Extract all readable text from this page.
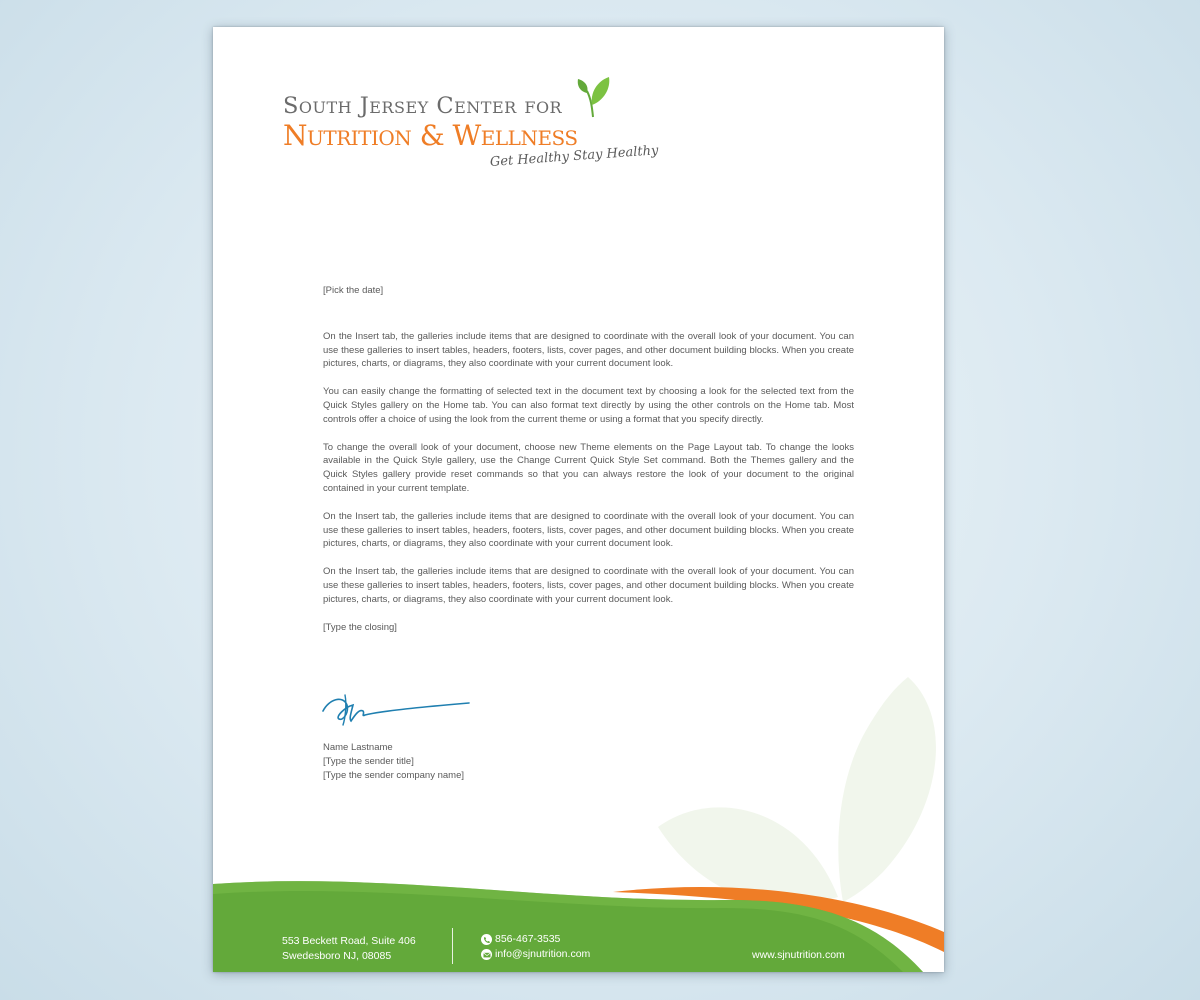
South Jersey Center for
Nutrition & Wellness
Get Healthy Stay Healthy

[Pick the date]

On the Insert tab, the galleries include items that are designed to coordinate with the overall look of your document. You can use these galleries to insert tables, headers, footers, lists, cover pages, and other document building blocks. When you create pictures, charts, or diagrams, they also coordinate with your current document look.

You can easily change the formatting of selected text in the document text by choosing a look for the selected text from the Quick Styles gallery on the Home tab. You can also format text directly by using the other controls on the Home tab. Most controls offer a choice of using the look from the current theme or using a format that you specify directly.

To change the overall look of your document, choose new Theme elements on the Page Layout tab. To change the looks available in the Quick Style gallery, use the Change Current Quick Style Set command. Both the Themes gallery and the Quick Styles gallery provide reset commands so that you can always restore the look of your document to the original contained in your current template.

On the Insert tab, the galleries include items that are designed to coordinate with the overall look of your document. You can use these galleries to insert tables, headers, footers, lists, cover pages, and other document building blocks. When you create pictures, charts, or diagrams, they also coordinate with your current document look.

On the Insert tab, the galleries include items that are designed to coordinate with the overall look of your document. You can use these galleries to insert tables, headers, footers, lists, cover pages, and other document building blocks. When you create pictures, charts, or diagrams, they also coordinate with your current document look.

[Type the closing]

Name Lastname
[Type the sender title]
[Type the sender company name]
553 Beckett Road, Suite 406
Swedesboro NJ, 08085
856-467-3535
info@sjnutrition.com	www.sjnutrition.com
